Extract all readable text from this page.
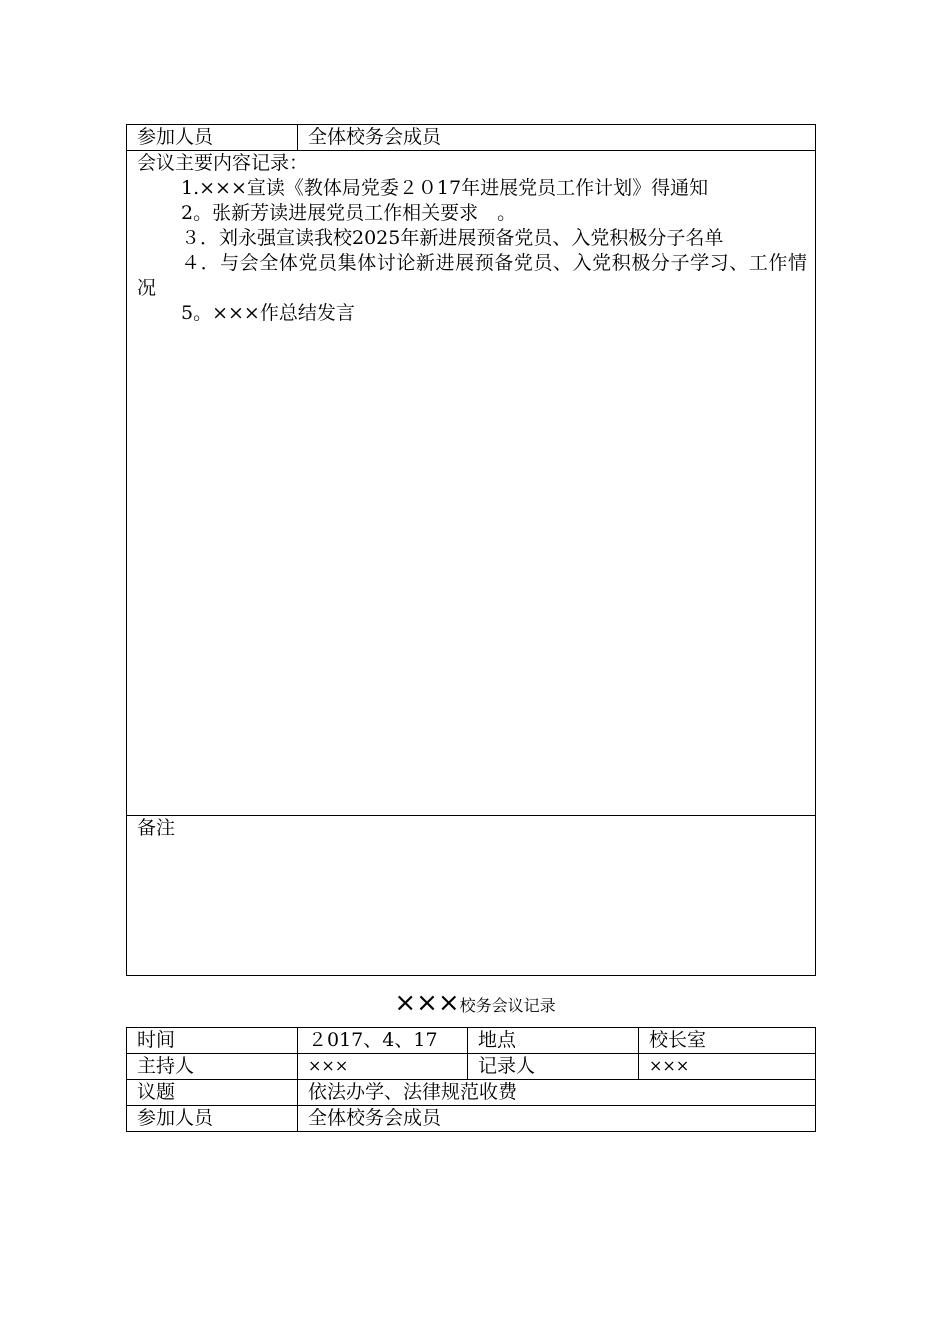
参加人员	全体校务会成员

会议主要内容记录：
1.×××宣读《教体局党委２０17年进展党员工作计划》得通知
2。张新芳读进展党员工作相关要求　。
３．刘永强宣读我校2025年新进展预备党员、入党积极分子名单
４．与会全体党员集体讨论新进展预备党员、入党积极分子学习、工作情况
5。×××作总结发言

备注
×××校务会议记录
时间	２017、4、17	地点	校长室
主持人	×××	记录人	×××
议题	依法办学、法律规范收费		
参加人员	全体校务会成员		
